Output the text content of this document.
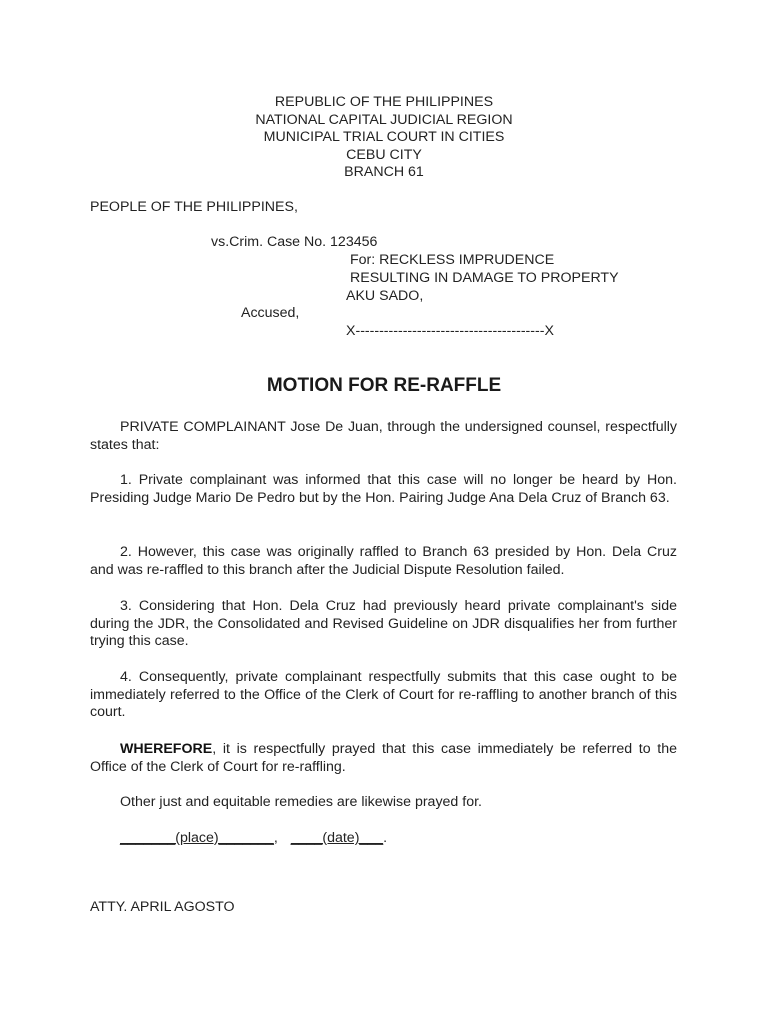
REPUBLIC OF THE PHILIPPINES
NATIONAL CAPITAL JUDICIAL REGION
MUNICIPAL TRIAL COURT IN CITIES
CEBU CITY
BRANCH 61
PEOPLE OF THE PHILIPPINES,
vs.Crim. Case No. 123456
For: RECKLESS IMPRUDENCE
RESULTING IN DAMAGE TO PROPERTY
AKU SADO,
Accused,
X----------------------------------------X
MOTION FOR RE-RAFFLE
PRIVATE COMPLAINANT Jose De Juan, through the undersigned counsel, respectfully states that:
1. Private complainant was informed that this case will no longer be heard by Hon. Presiding Judge Mario De Pedro but by the Hon. Pairing Judge Ana Dela Cruz of Branch 63.
2. However, this case was originally raffled to Branch 63 presided by Hon. Dela Cruz and was re-raffled to this branch after the Judicial Dispute Resolution failed.
3. Considering that Hon. Dela Cruz had previously heard private complainant's side during the JDR, the Consolidated and Revised Guideline on JDR disqualifies her from further trying this case.
4. Consequently, private complainant respectfully submits that this case ought to be immediately referred to the Office of the Clerk of Court for re-raffling to another branch of this court.
WHEREFORE, it is respectfully prayed that this case immediately be referred to the Office of the Clerk of Court for re-raffling.
Other just and equitable remedies are likewise prayed for.
_______(place)_______, ____(date)___.
ATTY. APRIL AGOSTO
